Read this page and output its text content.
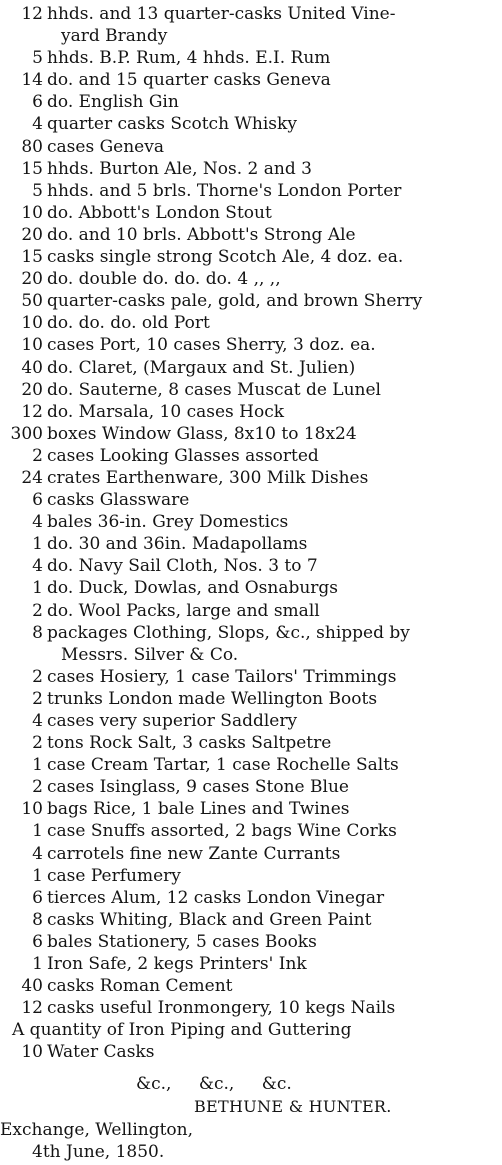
12 hhds. and 13 quarter-casks United Vine-
yard Brandy
5 hhds. B.P. Rum, 4 hhds. E.I. Rum
14 do. and 15 quarter casks Geneva
6 do. English Gin
4 quarter casks Scotch Whisky
80 cases Geneva
15 hhds. Burton Ale, Nos. 2 and 3
5 hhds. and 5 brls. Thorne's London Porter
10 do. Abbott's London Stout
20 do. and 10 brls. Abbott's Strong Ale
15 casks single strong Scotch Ale, 4 doz. ea.
20 do. double do. do. do. 4 ,, ,,
50 quarter-casks pale, gold, and brown Sherry
10 do. do. do. old Port
10 cases Port, 10 cases Sherry, 3 doz. ea.
40 do. Claret, (Margaux and St. Julien)
20 do. Sauterne, 8 cases Muscat de Lunel
12 do. Marsala, 10 cases Hock
300 boxes Window Glass, 8x10 to 18x24
2 cases Looking Glasses assorted
24 crates Earthenware, 300 Milk Dishes
6 casks Glassware
4 bales 36-in. Grey Domestics
1 do. 30 and 36in. Madapollams
4 do. Navy Sail Cloth, Nos. 3 to 7
1 do. Duck, Dowlas, and Osnaburgs
2 do. Wool Packs, large and small
8 packages Clothing, Slops, &c., shipped by
Messrs. Silver & Co.
2 cases Hosiery, 1 case Tailors' Trimmings
2 trunks London made Wellington Boots
4 cases very superior Saddlery
2 tons Rock Salt, 3 casks Saltpetre
1 case Cream Tartar, 1 case Rochelle Salts
2 cases Isinglass, 9 cases Stone Blue
10 bags Rice, 1 bale Lines and Twines
1 case Snuffs assorted, 2 bags Wine Corks
4 carrotels fine new Zante Currants
1 case Perfumery
6 tierces Alum, 12 casks London Vinegar
8 casks Whiting, Black and Green Paint
6 bales Stationery, 5 cases Books
1 Iron Safe, 2 kegs Printers' Ink
40 casks Roman Cement
12 casks useful Ironmongery, 10 kegs Nails
A quantity of Iron Piping and Guttering
10 Water Casks
&c., &c., &c.
BETHUNE & HUNTER.
Exchange, Wellington,
4th June, 1850.
